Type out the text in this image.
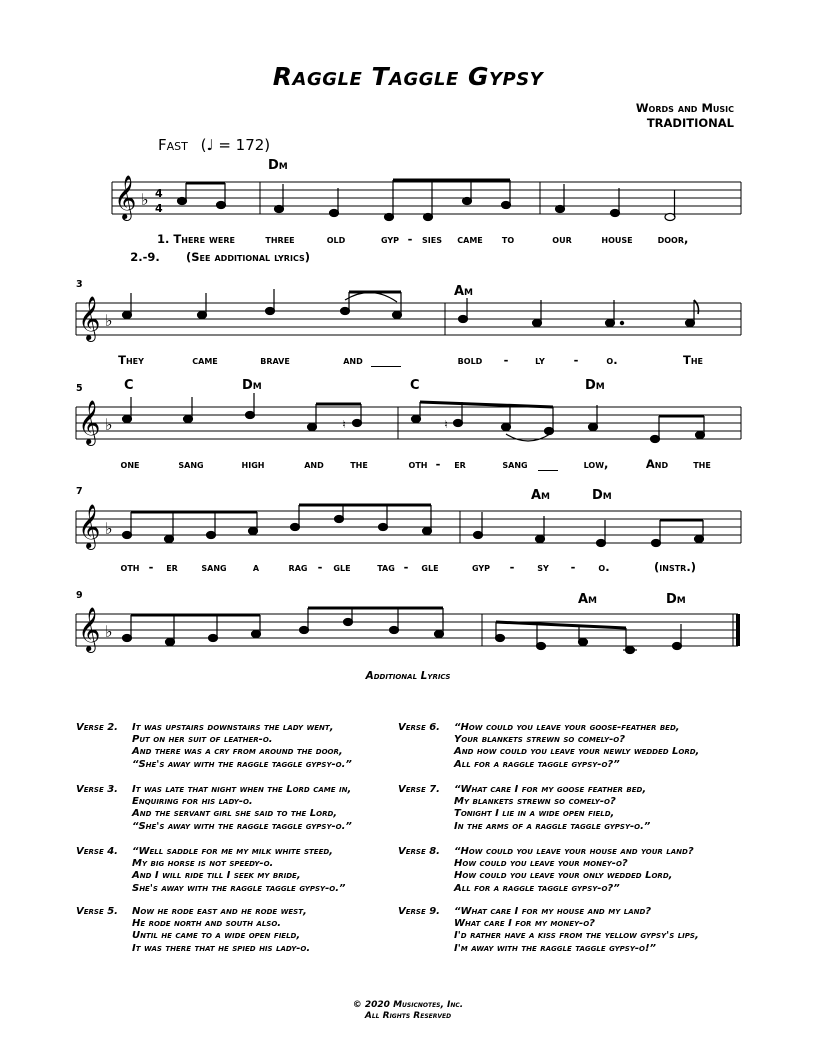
Raggle Taggle Gypsy
Words and Music
TRADITIONAL
Fast (♩ = 172)
Dm
𝄞 ♭ 4
4
1. There were	three	old	gyp - sies came to	our	house door,
2.-9. (See additional lyrics)
3	Am
𝄞 ♭
They	came	brave	and	bold - ly	- o.	The
5	C	Dm	C	Dm
𝄞 ♭	♮	♮
one	sang	high	and the	oth - er	sang	low,	And the
7	Am	Dm
𝄞 ♭
oth - er sang a	rag - gle tag - gle	gyp - sy - o.	(instr.)
9	Am	Dm
𝄞 ♭
Additional Lyrics
Verse 2. It was upstairs downstairs the lady went,
Put on her suit of leather-o.
And there was a cry from around the door,
“She's away with the raggle taggle gypsy-o.”
Verse 3. It was late that night when the Lord came in,
Enquiring for his lady-o.
And the servant girl she said to the Lord,
“She's away with the raggle taggle gypsy-o.”
Verse 4. “Well saddle for me my milk white steed,
My big horse is not speedy-o.
And I will ride till I seek my bride,
She's away with the raggle taggle gypsy-o.”
Verse 5. Now he rode east and he rode west,
He rode north and south also.
Until he came to a wide open field,
It was there that he spied his lady-o.
Verse 6. “How could you leave your goose-feather bed,
Your blankets strewn so comely-o?
And how could you leave your newly wedded Lord,
All for a raggle taggle gypsy-o?”
Verse 7. “What care I for my goose feather bed,
My blankets strewn so comely-o?
Tonight I lie in a wide open field,
In the arms of a raggle taggle gypsy-o.”
Verse 8. “How could you leave your house and your land?
How could you leave your money-o?
How could you leave your only wedded Lord,
All for a raggle taggle gypsy-o?”
Verse 9. “What care I for my house and my land?
What care I for my money-o?
I'd rather have a kiss from the yellow gypsy's lips,
I'm away with the raggle taggle gypsy-o!”
© 2020 Musicnotes, Inc.
All Rights Reserved
